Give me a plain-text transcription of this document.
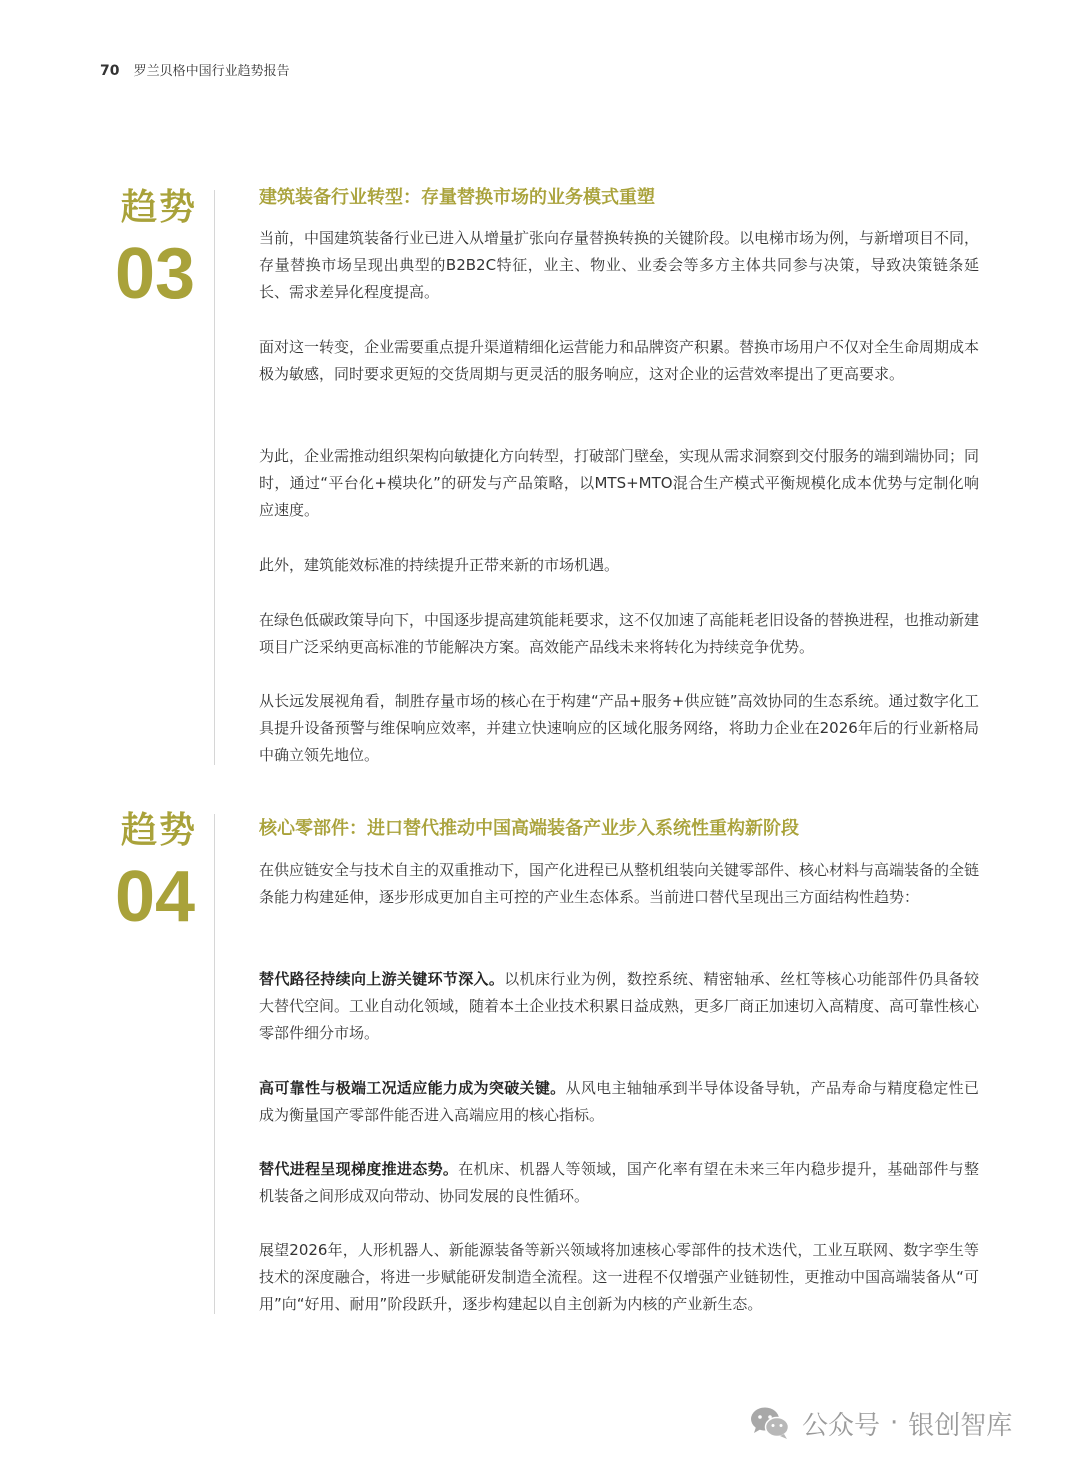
70 罗兰贝格中国行业趋势报告
趋势
03
建筑装备行业转型：存量替换市场的业务模式重塑

当前，中国建筑装备行业已进入从增量扩张向存量替换转换的关键阶段。以电梯市场为例，与新增项目不同，存量替换市场呈现出典型的B2B2C特征，业主、物业、业委会等多方主体共同参与决策，导致决策链条延长、需求差异化程度提高。

面对这一转变，企业需要重点提升渠道精细化运营能力和品牌资产积累。替换市场用户不仅对全生命周期成本极为敏感，同时要求更短的交货周期与更灵活的服务响应，这对企业的运营效率提出了更高要求。

为此，企业需推动组织架构向敏捷化方向转型，打破部门壁垒，实现从需求洞察到交付服务的端到端协同；同时，通过“平台化+模块化”的研发与产品策略，以MTS+MTO混合生产模式平衡规模化成本优势与定制化响应速度。

此外，建筑能效标准的持续提升正带来新的市场机遇。

在绿色低碳政策导向下，中国逐步提高建筑能耗要求，这不仅加速了高能耗老旧设备的替换进程，也推动新建项目广泛采纳更高标准的节能解决方案。高效能产品线未来将转化为持续竞争优势。

从长远发展视角看，制胜存量市场的核心在于构建“产品+服务+供应链”高效协同的生态系统。通过数字化工具提升设备预警与维保响应效率，并建立快速响应的区域化服务网络，将助力企业在2026年后的行业新格局中确立领先地位。

趋势
04
核心零部件：进口替代推动中国高端装备产业步入系统性重构新阶段

在供应链安全与技术自主的双重推动下，国产化进程已从整机组装向关键零部件、核心材料与高端装备的全链条能力构建延伸，逐步形成更加自主可控的产业生态体系。当前进口替代呈现出三方面结构性趋势：

替代路径持续向上游关键环节深入。以机床行业为例，数控系统、精密轴承、丝杠等核心功能部件仍具备较大替代空间。工业自动化领域，随着本土企业技术积累日益成熟，更多厂商正加速切入高精度、高可靠性核心零部件细分市场。

高可靠性与极端工况适应能力成为突破关键。从风电主轴轴承到半导体设备导轨，产品寿命与精度稳定性已成为衡量国产零部件能否进入高端应用的核心指标。

替代进程呈现梯度推进态势。在机床、机器人等领域，国产化率有望在未来三年内稳步提升，基础部件与整机装备之间形成双向带动、协同发展的良性循环。

展望2026年，人形机器人、新能源装备等新兴领域将加速核心零部件的技术迭代，工业互联网、数字孪生等技术的深度融合，将进一步赋能研发制造全流程。这一进程不仅增强产业链韧性，更推动中国高端装备从“可用”向“好用、耐用”阶段跃升，逐步构建起以自主创新为内核的产业新生态。

公众号 · 银创智库
